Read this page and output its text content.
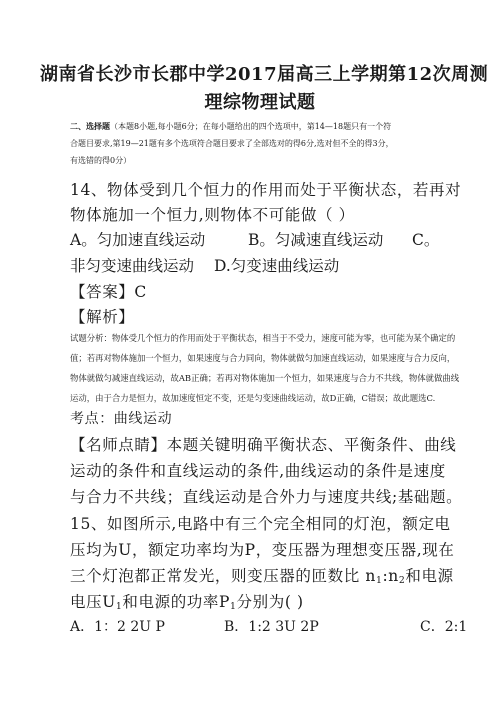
湖南省长沙市长郡中学2017届高三上学期第12次周测
理综物理试题
二、选择题（本题8小题,每小题6分；在每小题给出的四个选项中，第14—18题只有一个符
合题目要求,第19—21题有多个选项符合题目要求了全部选对的得6分,选对但不全的得3分，
有选错的得0分）
14、物体受到几个恒力的作用而处于平衡状态，若再对
物体施加一个恒力,则物体不可能做（ ）
A。匀加速直线运动	B。匀减速直线运动 C。
非匀变速曲线运动 D.匀变速曲线运动
【答案】C
【解析】
试题分析：物体受几个恒力的作用而处于平衡状态，相当于不受力，速度可能为零，也可能为某个确定的
值；若再对物体施加一个恒力，如果速度与合力同向，物体就做匀加速直线运动，如果速度与合力反向，
物体就做匀减速直线运动，故AB正确；若再对物体施加一个恒力，如果速度与合力不共线，物体就做曲线
运动，由于合力是恒力，故加速度恒定不变，还是匀变速曲线运动，故D正确，C错误；故此题选C.
考点：曲线运动
【名师点睛】本题关键明确平衡状态、平衡条件、曲线
运动的条件和直线运动的条件,曲线运动的条件是速度
与合力不共线；直线运动是合外力与速度共线;基础题。
15、如图所示,电路中有三个完全相同的灯泡，额定电
压均为U，额定功率均为P，变压器为理想变压器,现在
三个灯泡都正常发光，则变压器的匝数比 $n_1:n_2$和电源
电压$U_1$和电源的功率$P_1$分别为( )
A．1：2 2U P	B．1:2 3U 2P	C．2:1
